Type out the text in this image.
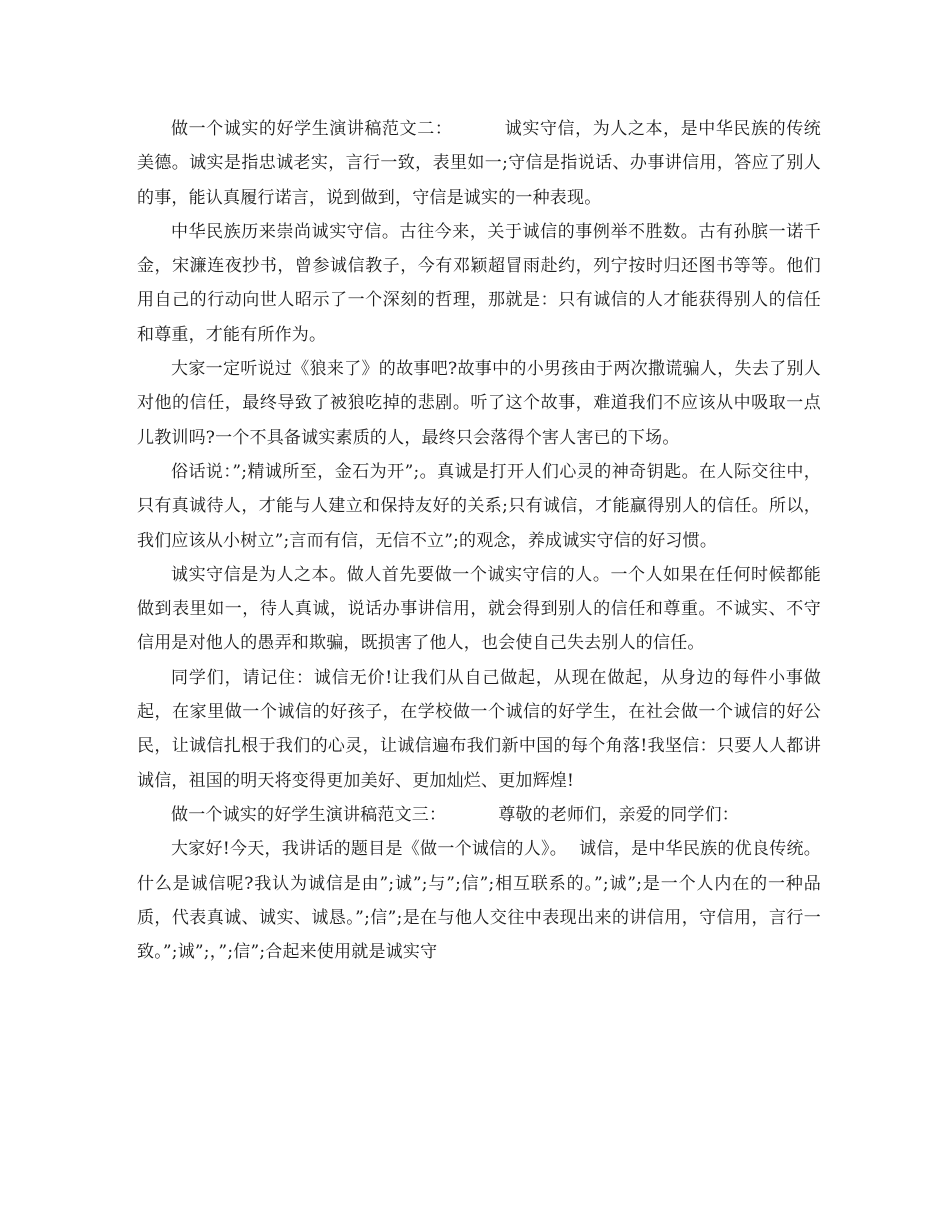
做一个诚实的好学生演讲稿范文二：	诚实守信，为人之本，是中华民族的传统美德。诚实是指忠诚老实，言行一致，表里如一;守信是指说话、办事讲信用，答应了别人的事，能认真履行诺言，说到做到，守信是诚实的一种表现。

中华民族历来崇尚诚实守信。古往今来，关于诚信的事例举不胜数。古有孙膑一诺千金，宋濂连夜抄书，曾参诚信教子，今有邓颖超冒雨赴约，列宁按时归还图书等等。他们用自己的行动向世人昭示了一个深刻的哲理，那就是：只有诚信的人才能获得别人的信任和尊重，才能有所作为。

大家一定听说过《狼来了》的故事吧?故事中的小男孩由于两次撒谎骗人，失去了别人对他的信任，最终导致了被狼吃掉的悲剧。听了这个故事，难道我们不应该从中吸取一点儿教训吗?一个不具备诚实素质的人，最终只会落得个害人害已的下场。

俗话说：”;精诚所至，金石为开”;。真诚是打开人们心灵的神奇钥匙。在人际交往中，只有真诚待人，才能与人建立和保持友好的关系;只有诚信，才能赢得别人的信任。所以，我们应该从小树立”;言而有信，无信不立”;的观念，养成诚实守信的好习惯。

诚实守信是为人之本。做人首先要做一个诚实守信的人。一个人如果在任何时候都能做到表里如一，待人真诚，说话办事讲信用，就会得到别人的信任和尊重。不诚实、不守信用是对他人的愚弄和欺骗，既损害了他人，也会使自己失去别人的信任。

同学们，请记住：诚信无价!让我们从自己做起，从现在做起，从身边的每件小事做起，在家里做一个诚信的好孩子，在学校做一个诚信的好学生，在社会做一个诚信的好公民，让诚信扎根于我们的心灵，让诚信遍布我们新中国的每个角落!我坚信：只要人人都讲诚信，祖国的明天将变得更加美好、更加灿烂、更加辉煌!

做一个诚实的好学生演讲稿范文三：	尊敬的老师们，亲爱的同学们：

大家好!今天，我讲话的题目是《做一个诚信的人》。 诚信，是中华民族的优良传统。什么是诚信呢?我认为诚信是由”;诚”;与”;信”;相互联系的。”;诚”;是一个人内在的一种品质，代表真诚、诚实、诚恳。”;信”;是在与他人交往中表现出来的讲信用，守信用，言行一致。”;诚”;，”;信”;合起来使用就是诚实守
